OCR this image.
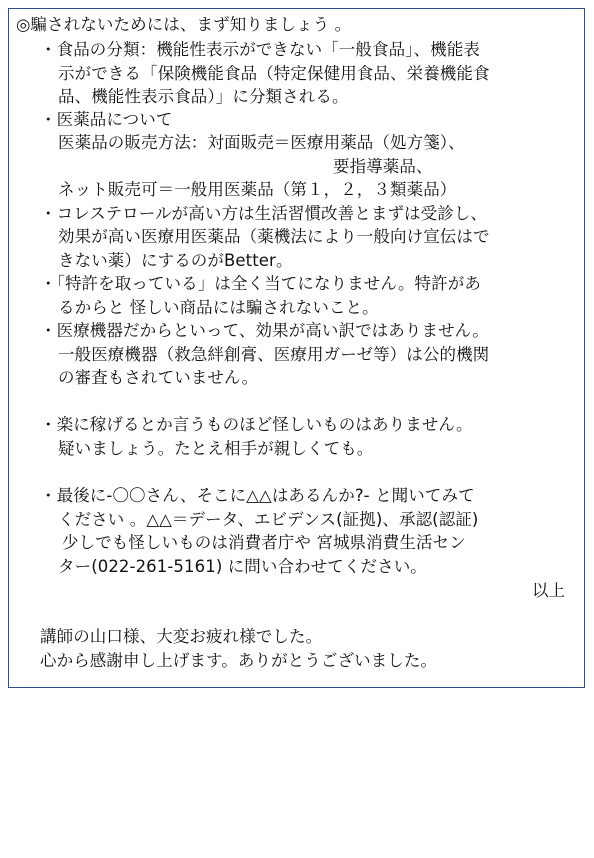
◎騙されないためには、まず知りましょう 。
・食品の分類：機能性表示ができない「一般食品」、機能表
示ができる「保険機能食品（特定保健用食品、栄養機能食
品、機能性表示食品）」に分類される。
・医薬品について
医薬品の販売方法：対面販売＝医療用薬品（処方箋）、
要指導薬品、
ネット販売可＝一般用医薬品（第１，２，３類薬品）
・コレステロールが高い方は生活習慣改善とまずは受診し、
効果が高い医療用医薬品（薬機法により一般向け宣伝はで
きない薬）にするのがBetter。
・「特許を取っている」は全く当てになりません。特許があ
るからと 怪しい商品には騙されないこと。
・医療機器だからといって、効果が高い訳ではありません。
一般医療機器（救急絆創膏、医療用ガーゼ等）は公的機関
の審査もされていません。
・楽に稼げるとか言うものほど怪しいものはありません。
疑いましょう。たとえ相手が親しくても。
・最後に-〇〇さん、そこに△△はあるんか?- と聞いてみて
ください 。△△＝データ、エビデンス(証拠)、承認(認証)
少しでも怪しいものは消費者庁や 宮城県消費生活セン
ター(022-261-5161) に問い合わせてください。
以上
講師の山口様、大変お疲れ様でした。
心から感謝申し上げます。ありがとうございました。
